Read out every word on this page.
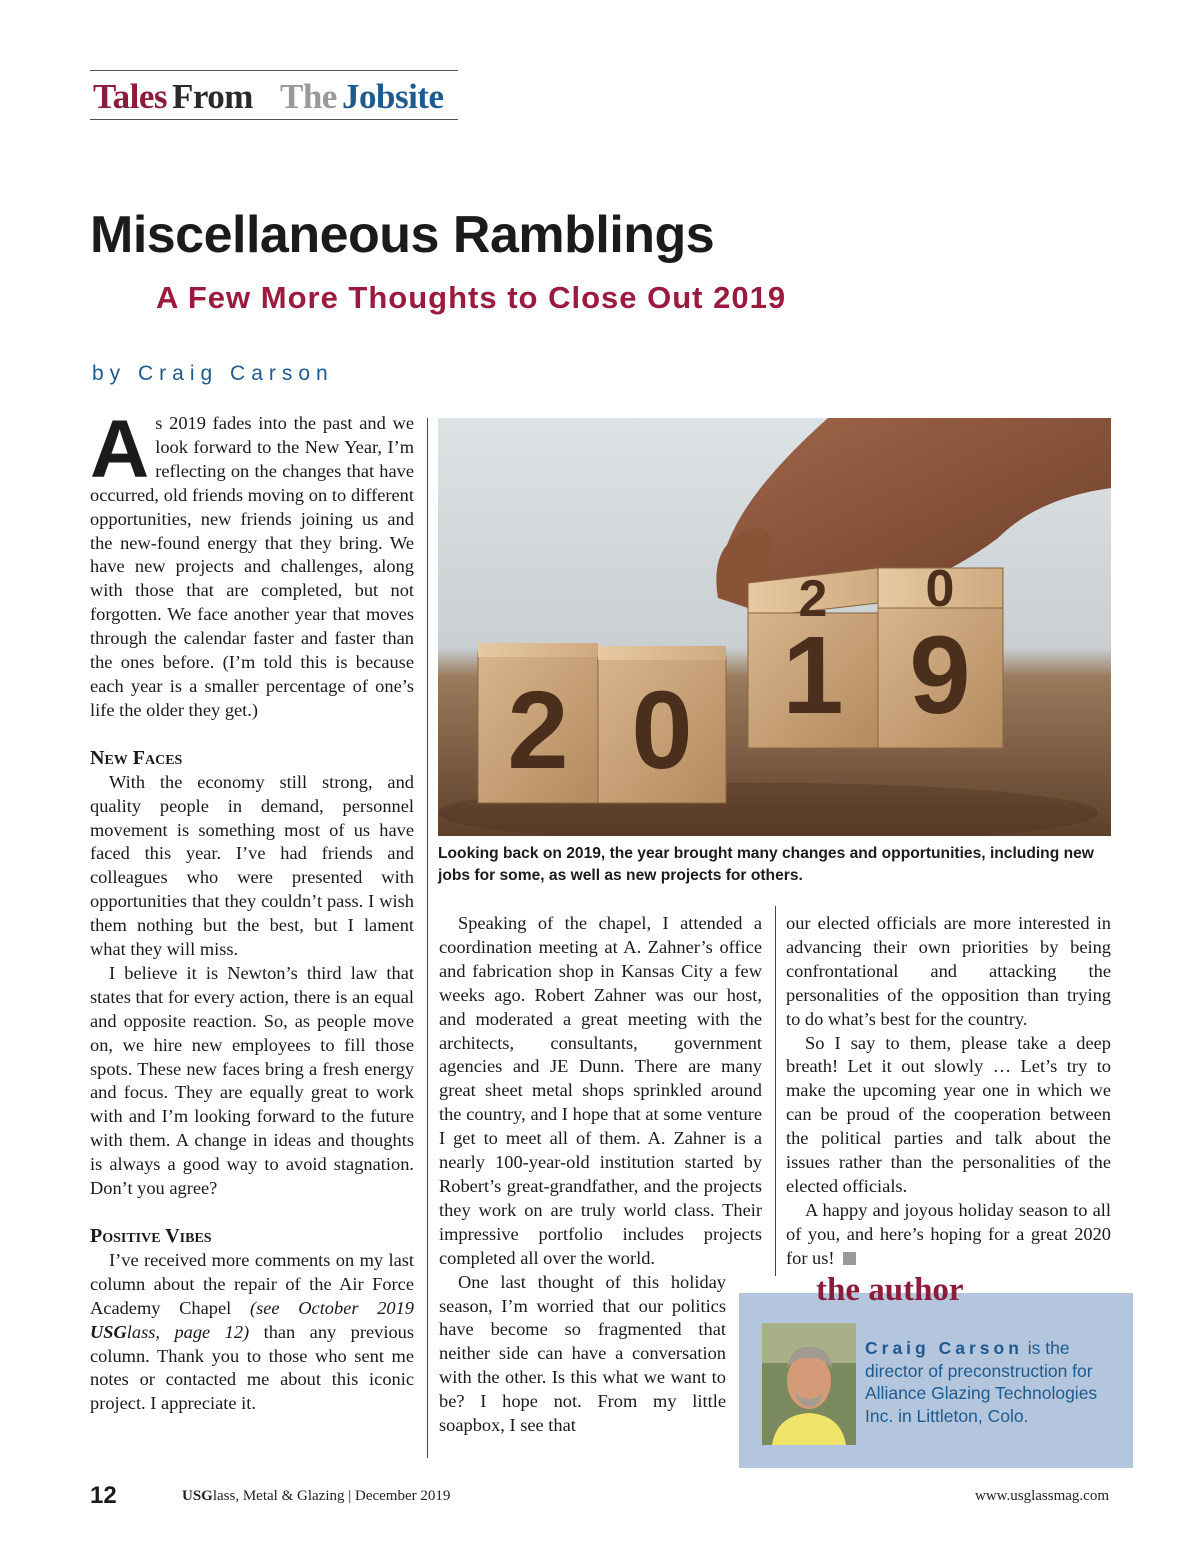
Tales From The Jobsite
Miscellaneous Ramblings
A Few More Thoughts to Close Out 2019
by Craig Carson

As 2019 fades into the past and we look forward to the New Year, I’m reflecting on the changes that have occurred, old friends moving on to different opportunities, new friends joining us and the new-found energy that they bring. We have new projects and challenges, along with those that are completed, but not forgotten. We face another year that moves through the calendar faster and faster than the ones before. (I’m told this is because each year is a smaller percentage of one’s life the older they get.)

New Faces

With the economy still strong, and quality people in demand, personnel movement is something most of us have faced this year. I’ve had friends and colleagues who were presented with opportunities that they couldn’t pass. I wish them nothing but the best, but I lament what they will miss.

I believe it is Newton’s third law that states that for every action, there is an equal and opposite reaction. So, as people move on, we hire new employees to fill those spots. These new faces bring a fresh energy and focus. They are equally great to work with and I’m looking forward to the future with them. A change in ideas and thoughts is always a good way to avoid stagnation. Don’t you agree?

Positive Vibes

I’ve received more comments on my last column about the repair of the Air Force Academy Chapel (see October 2019 USGlass, page 12) than any previous column. Thank you to those who sent me notes or contacted me about this iconic project. I appreciate it.

2 0
2
1
0
9
Looking back on 2019, the year brought many changes and opportunities, including new jobs for some, as well as new projects for others.

Speaking of the chapel, I attended a coordination meeting at A. Zahner’s office and fabrication shop in Kansas City a few weeks ago. Robert Zahner was our host, and moderated a great meeting with the architects, consultants, government agencies and JE Dunn. There are many great sheet metal shops sprinkled around the country, and I hope that at some venture I get to meet all of them. A. Zahner is a nearly 100-year-old institution started by Robert’s great-grandfather, and the projects they work on are truly world class. Their impressive portfolio includes projects completed all over the world.

One last thought of this holiday season, I’m worried that our politics have become so fragmented that neither side can have a conversation with the other. Is this what we want to be? I hope not. From my little soapbox, I see that

our elected officials are more interested in advancing their own priorities by being confrontational and attacking the personalities of the opposition than trying to do what’s best for the country.

So I say to them, please take a deep breath! Let it out slowly … Let’s try to make the upcoming year one in which we can be proud of the cooperation between the political parties and talk about the issues rather than the personalities of the elected officials.

A happy and joyous holiday season to all of you, and here’s hoping for a great 2020 for us!

Craig Carson is the director of preconstruction for Alliance Glazing Technologies Inc. in Littleton, Colo.
the author
12	USGlass, Metal & Glazing | December 2019	www.usglassmag.com
